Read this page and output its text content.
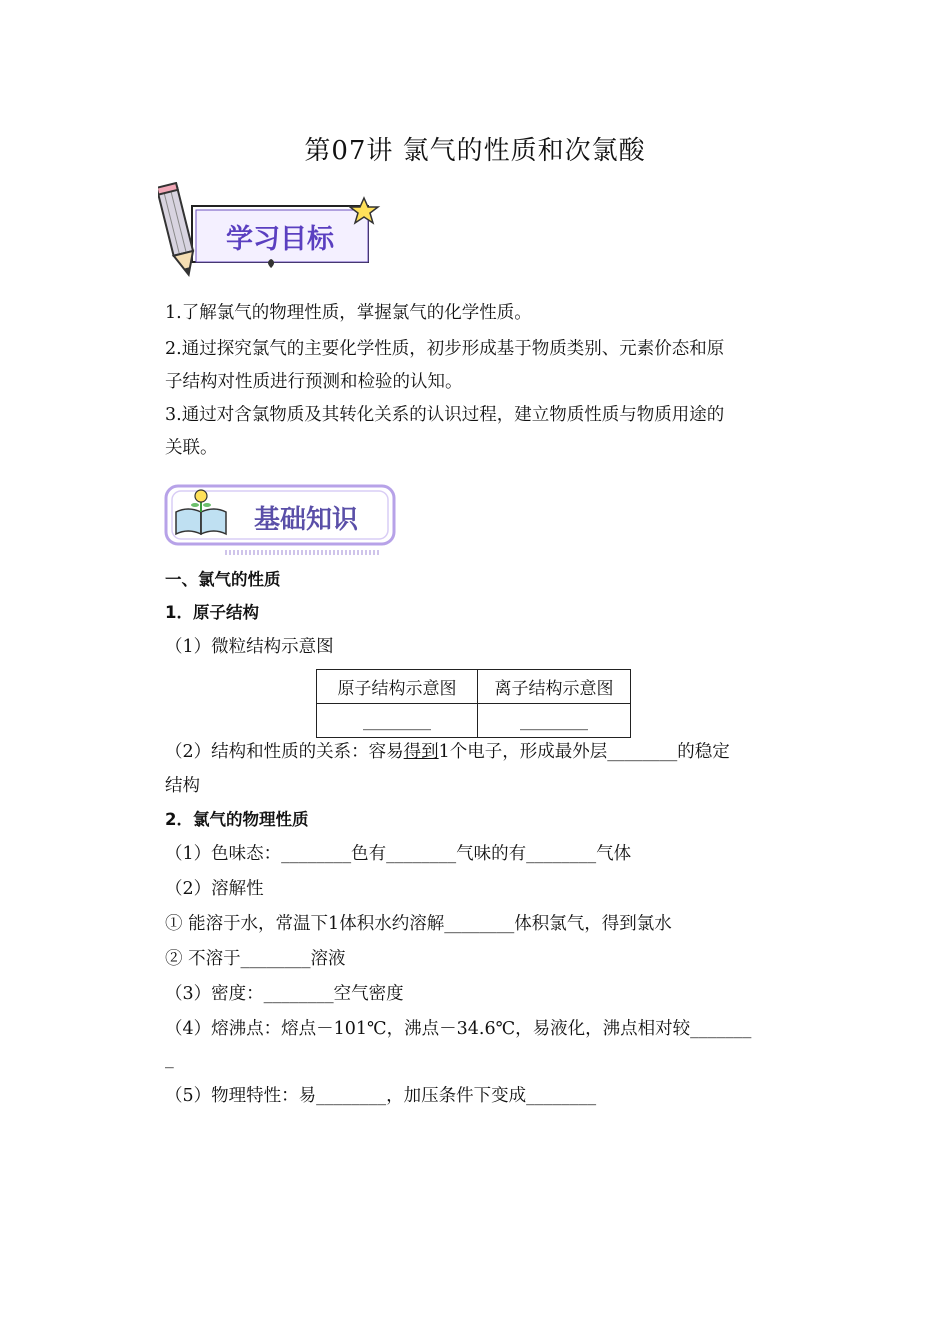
第07讲 氯气的性质和次氯酸
学习目标
1.了解氯气的物理性质，掌握氯气的化学性质。
2.通过探究氯气的主要化学性质，初步形成基于物质类别、元素价态和原
子结构对性质进行预测和检验的认知。
3.通过对含氯物质及其转化关系的认识过程，建立物质性质与物质用途的
关联。
基础知识
一、氯气的性质
1．原子结构
（1）微粒结构示意图
原子结构示意图	离子结构示意图
________	________
（2）结构和性质的关系：容易得到1个电子，形成最外层________的稳定
结构
2．氯气的物理性质
（1）色味态：________色有________气味的有________气体
（2）溶解性
① 能溶于水，常温下1体积水约溶解________体积氯气，得到氯水
② 不溶于________溶液
（3）密度：________空气密度
（4）熔沸点：熔点－101℃，沸点－34.6℃，易液化，沸点相对较_______
_
（5）物理特性：易________，加压条件下变成________
